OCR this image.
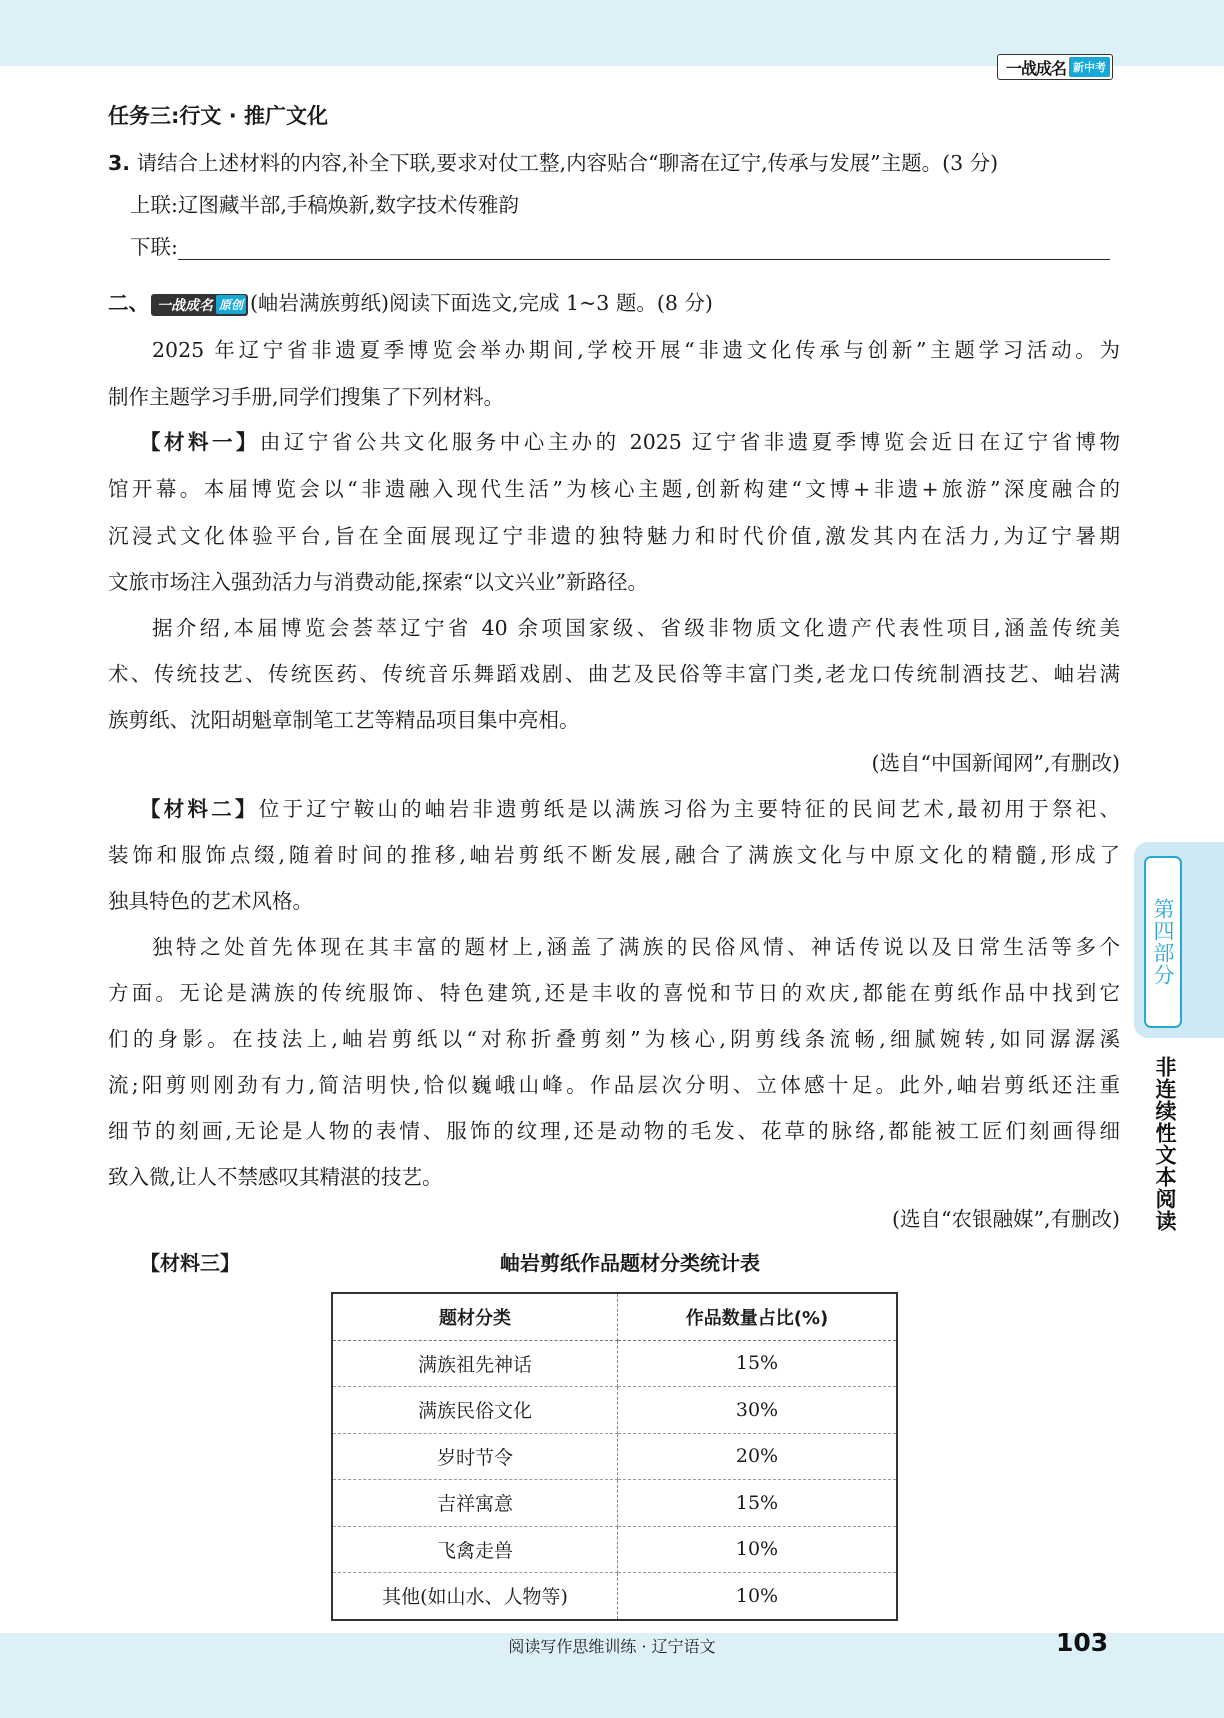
一战成名 新中考
任务三:行文 · 推广文化
3. 请结合上述材料的内容,补全下联,要求对仗工整,内容贴合“聊斋在辽宁,传承与发展”主题。(3 分)
上联:辽图藏半部,手稿焕新,数字技术传雅韵
下联:
二、 一战成名 原创 (岫岩满族剪纸)阅读下面选文,完成 1~3 题。(8 分)
2025 年辽宁省非遗夏季博览会举办期间,学校开展“非遗文化传承与创新”主题学习活动。为
制作主题学习手册,同学们搜集了下列材料。
【材料一】由辽宁省公共文化服务中心主办的 2025 辽宁省非遗夏季博览会近日在辽宁省博物
馆开幕。本届博览会以“非遗融入现代生活”为核心主题,创新构建“文博+非遗+旅游”深度融合的
沉浸式文化体验平台,旨在全面展现辽宁非遗的独特魅力和时代价值,激发其内在活力,为辽宁暑期
文旅市场注入强劲活力与消费动能,探索“以文兴业”新路径。
据介绍,本届博览会荟萃辽宁省 40 余项国家级、省级非物质文化遗产代表性项目,涵盖传统美
术、传统技艺、传统医药、传统音乐舞蹈戏剧、曲艺及民俗等丰富门类,老龙口传统制酒技艺、岫岩满
族剪纸、沈阳胡魁章制笔工艺等精品项目集中亮相。
(选自“中国新闻网”,有删改)
【材料二】位于辽宁鞍山的岫岩非遗剪纸是以满族习俗为主要特征的民间艺术,最初用于祭祀、
装饰和服饰点缀,随着时间的推移,岫岩剪纸不断发展,融合了满族文化与中原文化的精髓,形成了
独具特色的艺术风格。
独特之处首先体现在其丰富的题材上,涵盖了满族的民俗风情、神话传说以及日常生活等多个
方面。无论是满族的传统服饰、特色建筑,还是丰收的喜悦和节日的欢庆,都能在剪纸作品中找到它
们的身影。在技法上,岫岩剪纸以“对称折叠剪刻”为核心,阴剪线条流畅,细腻婉转,如同潺潺溪
流;阳剪则刚劲有力,简洁明快,恰似巍峨山峰。作品层次分明、立体感十足。此外,岫岩剪纸还注重
细节的刻画,无论是人物的表情、服饰的纹理,还是动物的毛发、花草的脉络,都能被工匠们刻画得细
致入微,让人不禁感叹其精湛的技艺。
(选自“农银融媒”,有删改)
【材料三】	岫岩剪纸作品题材分类统计表
题材分类	作品数量占比(%)
满族祖先神话	15%
满族民俗文化	30%
岁时节令	20%
吉祥寓意	15%
飞禽走兽	10%
其他(如山水、人物等)	10%
第四部分
非连续性文本阅读
阅读写作思维训练 · 辽宁语文	103
